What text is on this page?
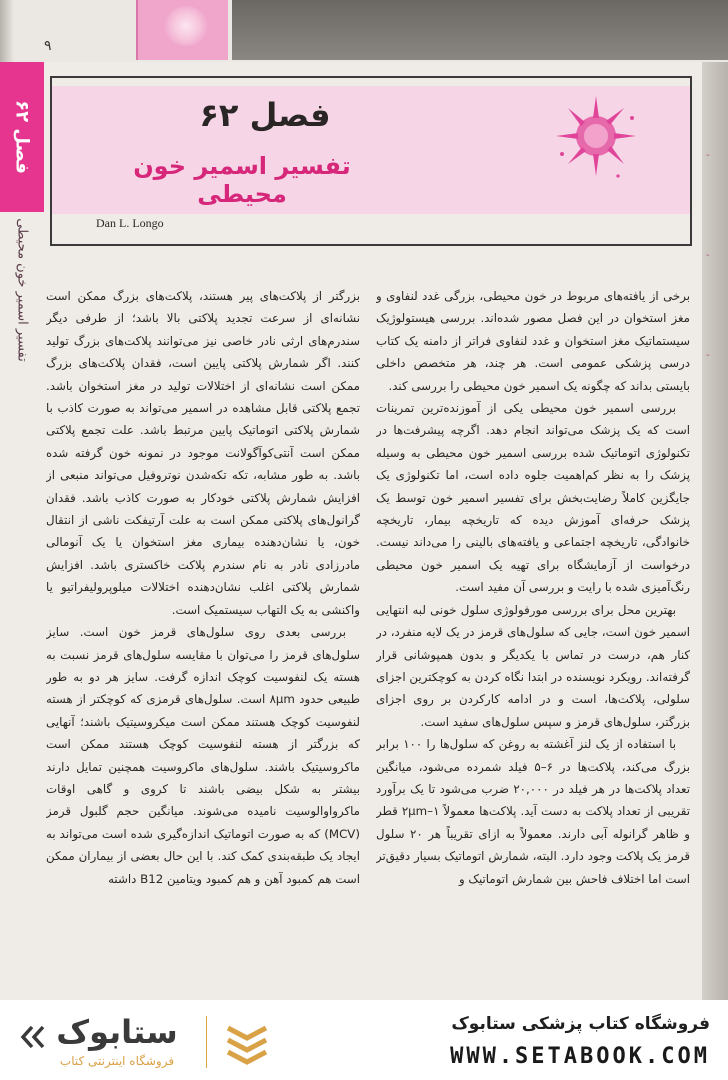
۹
-
-
-
فصل ۶۲
تفسیر اسمیر خون محیطی
فصل ۶۲
تفسیر اسمیر خون محیطی
Dan L. Longo

برخی از یافته‌های مربوط در خون محیطی، بزرگی غدد لنفاوی و مغز استخوان در این فصل مصور شده‌اند. بررسی هیستولوژیک سیستماتیک مغز استخوان و غدد لنفاوی فراتر از دامنه یک کتاب درسی پزشکی عمومی است. هر چند، هر متخصص داخلی بایستی بداند که چگونه یک اسمیر خون محیطی را بررسی کند.

بررسی اسمیر خون محیطی یکی از آموزنده‌ترین تمرینات است که یک پزشک می‌تواند انجام دهد. اگرچه پیشرفت‌ها در تکنولوژی اتوماتیک شده بررسی اسمیر خون محیطی به وسیله پزشک را به نظر کم‌اهمیت جلوه داده است، اما تکنولوژی یک جایگزین کاملاً رضایت‌بخش برای تفسیر اسمیر خون توسط یک پزشک حرفه‌ای آموزش دیده که تاریخچه بیمار، تاریخچه خانوادگی، تاریخچه اجتماعی و یافته‌های بالینی را می‌داند نیست. درخواست از آزمایشگاه برای تهیه یک اسمیر خون محیطی رنگ‌آمیزی شده با رایت و بررسی آن مفید است.

بهترین محل برای بررسی مورفولوژی سلول خونی لبه انتهایی اسمیر خون است، جایی که سلول‌های قرمز در یک لایه منفرد، در کنار هم، درست در تماس با یکدیگر و بدون همپوشانی قرار گرفته‌اند. رویکرد نویسنده در ابتدا نگاه کردن به کوچکترین اجزای سلولی، پلاکت‌ها، است و در ادامه کارکردن بر روی اجزای بزرگتر، سلول‌های قرمز و سپس سلول‌های سفید است.

با استفاده از یک لنز آغشته به روغن که سلول‌ها را ۱۰۰ برابر بزرگ می‌کند، پلاکت‌ها در ۶–۵ فیلد شمرده می‌شود، میانگین تعداد پلاکت‌ها در هر فیلد در ۲۰,۰۰۰ ضرب می‌شود تا یک برآورد تقریبی از تعداد پلاکت به دست آید. پلاکت‌ها معمولاً ۲μm–۱ قطر و ظاهر گرانوله آبی دارند. معمولاً به ازای تقریباً هر ۲۰ سلول قرمز یک پلاکت وجود دارد. البته، شمارش اتوماتیک بسیار دقیق‌تر است اما اختلاف فاحش بین شمارش اتوماتیک و

بزرگتر از پلاکت‌های پیر هستند، پلاکت‌های بزرگ ممکن است نشانه‌ای از سرعت تجدید پلاکتی بالا باشد؛ از طرفی دیگر سندرم‌های ارثی نادر خاصی نیز می‌توانند پلاکت‌های بزرگ تولید کنند. اگر شمارش پلاکتی پایین است، فقدان پلاکت‌های بزرگ ممکن است نشانه‌ای از اختلالات تولید در مغز استخوان باشد. تجمع پلاکتی قابل مشاهده در اسمیر می‌تواند به صورت کاذب با شمارش پلاکتی اتوماتیک پایین مرتبط باشد. علت تجمع پلاکتی ممکن است آنتی‌کوآگولانت موجود در نمونه خون گرفته شده باشد. به طور مشابه، تکه تکه‌شدن نوتروفیل می‌تواند منبعی از افزایش شمارش پلاکتی خودکار به صورت کاذب باشد. فقدان گرانول‌های پلاکتی ممکن است به علت آرتیفکت ناشی از انتقال خون، یا نشان‌دهنده بیماری مغز استخوان یا یک آنومالی مادرزادی نادر به نام سندرم پلاکت خاکستری باشد. افزایش شمارش پلاکتی اغلب نشان‌دهنده اختلالات میلوپرولیفراتیو یا واکنشی به یک التهاب سیستمیک است.

بررسی بعدی روی سلول‌های قرمز خون است. سایز سلول‌های قرمز را می‌توان با مقایسه سلول‌های قرمز نسبت به هسته یک لنفوسیت کوچک اندازه گرفت. سایز هر دو به طور طبیعی حدود ۸μm است. سلول‌های قرمزی که کوچکتر از هسته لنفوسیت کوچک هستند ممکن است میکروسیتیک باشند؛ آنهایی که بزرگتر از هسته لنفوسیت کوچک هستند ممکن است ماکروسیتیک باشند. سلول‌های ماکروسیت همچنین تمایل دارند بیشتر به شکل بیضی باشند تا کروی و گاهی اوقات ماکرواوالوسیت نامیده می‌شوند. میانگین حجم گلبول قرمز (MCV) که به صورت اتوماتیک اندازه‌گیری شده است می‌تواند به ایجاد یک طبقه‌بندی کمک کند. با این حال بعضی از بیماران ممکن است هم کمبود آهن و هم کمبود ویتامین B12 داشته

فروشگاه کتاب پزشکی ستابوک
WWW.SETABOOK.COM
ستابوک
فروشگاه اینترنتی کتاب
